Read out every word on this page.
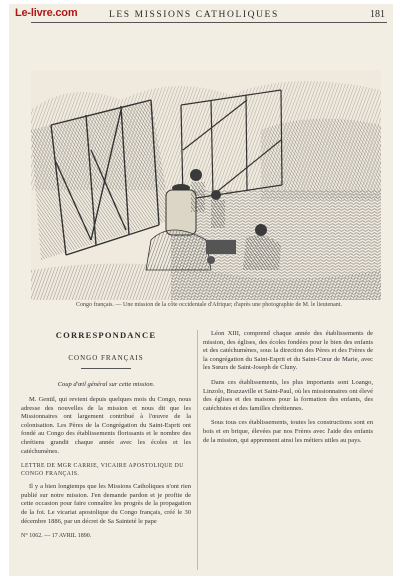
Le-livre.com	LES MISSIONS CATHOLIQUES	181
Congo français. — Une mission de la côte occidentale d'Afrique; d'après une photographie de M. le lieutenant.
CORRESPONDANCE
CONGO FRANÇAIS
Coup d'œil général sur cette mission.

M. Gentil, qui revient depuis quelques mois du Congo, nous adresse des nouvelles de la mission et nous dit que les Missionnaires ont largement contribué à l'œuvre de la colonisation. Les Pères de la Congrégation du Saint-Esprit ont fondé au Congo des établissements florissants et le nombre des chrétiens grandit chaque année avec les écoles et les catéchumènes.

LETTRE DE MGR CARRIE, VICAIRE APOSTOLIQUE DU CONGO FRANÇAIS.

Il y a bien longtemps que les Missions Catholiques n'ont rien publié sur notre mission. J'en demande pardon et je profite de cette occasion pour faire connaître les progrès de la propagation de la foi. Le vicariat apostolique du Congo français, créé le 30 décembre 1886, par un décret de Sa Sainteté le pape

N° 1062. — 17 AVRIL 1890.

Léon XIII, comprend chaque année des établissements de mission, des églises, des écoles fondées pour le bien des enfants et des catéchumènes, sous la direction des Pères et des Frères de la congrégation du Saint-Esprit et du Saint-Cœur de Marie, avec les Sœurs de Saint-Joseph de Cluny.

Dans ces établissements, les plus importants sont Loango, Linzolo, Brazzaville et Saint-Paul, où les missionnaires ont élevé des églises et des maisons pour la formation des enfants, des catéchistes et des familles chrétiennes.

Sous tous ces établissements, toutes les constructions sont en bois et en brique, élevées par nos Frères avec l'aide des enfants de la mission, qui apprennent ainsi les métiers utiles au pays.
